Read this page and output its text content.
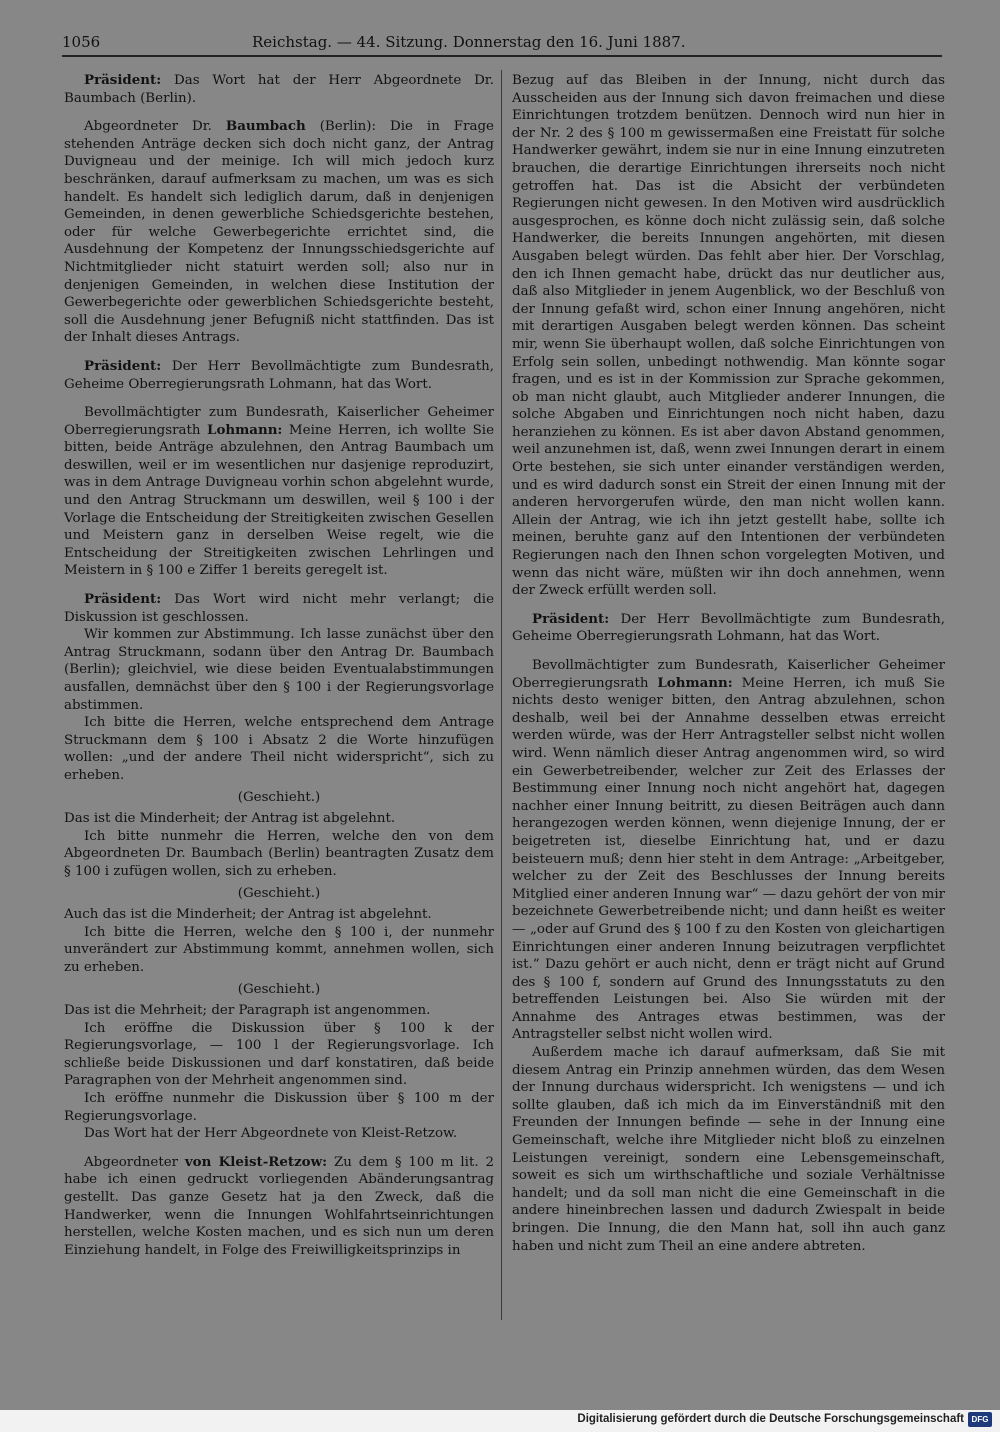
1056	Reichstag. — 44. Sitzung. Donnerstag den 16. Juni 1887.

Präsident: Das Wort hat der Herr Abgeordnete Dr. Baumbach (Berlin).

Abgeordneter Dr. Baumbach (Berlin): Die in Frage stehenden Anträge decken sich doch nicht ganz, der Antrag Duvigneau und der meinige. Ich will mich jedoch kurz beschränken, darauf aufmerksam zu machen, um was es sich handelt. Es handelt sich lediglich darum, daß in denjenigen Gemeinden, in denen gewerbliche Schiedsgerichte bestehen, oder für welche Gewerbegerichte errichtet sind, die Ausdehnung der Kompetenz der Innungsschiedsgerichte auf Nichtmitglieder nicht statuirt werden soll; also nur in denjenigen Gemeinden, in welchen diese Institution der Gewerbegerichte oder gewerblichen Schiedsgerichte besteht, soll die Ausdehnung jener Befugniß nicht stattfinden. Das ist der Inhalt dieses Antrags.

Präsident: Der Herr Bevollmächtigte zum Bundesrath, Geheime Oberregierungsrath Lohmann, hat das Wort.

Bevollmächtigter zum Bundesrath, Kaiserlicher Geheimer Oberregierungsrath Lohmann: Meine Herren, ich wollte Sie bitten, beide Anträge abzulehnen, den Antrag Baumbach um deswillen, weil er im wesentlichen nur dasjenige reproduzirt, was in dem Antrage Duvigneau vorhin schon abgelehnt wurde, und den Antrag Struckmann um deswillen, weil § 100 i der Vorlage die Entscheidung der Streitigkeiten zwischen Gesellen und Meistern ganz in derselben Weise regelt, wie die Entscheidung der Streitigkeiten zwischen Lehrlingen und Meistern in § 100 e Ziffer 1 bereits geregelt ist.

Präsident: Das Wort wird nicht mehr verlangt; die Diskussion ist geschlossen.

Wir kommen zur Abstimmung. Ich lasse zunächst über den Antrag Struckmann, sodann über den Antrag Dr. Baumbach (Berlin); gleichviel, wie diese beiden Eventualabstimmungen ausfallen, demnächst über den § 100 i der Regierungsvorlage abstimmen.

Ich bitte die Herren, welche entsprechend dem Antrage Struckmann dem § 100 i Absatz 2 die Worte hinzufügen wollen: „und der andere Theil nicht widerspricht“, sich zu erheben.

(Geschieht.)

Das ist die Minderheit; der Antrag ist abgelehnt.

Ich bitte nunmehr die Herren, welche den von dem Abgeordneten Dr. Baumbach (Berlin) beantragten Zusatz dem § 100 i zufügen wollen, sich zu erheben.

(Geschieht.)

Auch das ist die Minderheit; der Antrag ist abgelehnt.

Ich bitte die Herren, welche den § 100 i, der nunmehr unverändert zur Abstimmung kommt, annehmen wollen, sich zu erheben.

(Geschieht.)

Das ist die Mehrheit; der Paragraph ist angenommen.

Ich eröffne die Diskussion über § 100 k der Regierungsvorlage, — 100 l der Regierungsvorlage. Ich schließe beide Diskussionen und darf konstatiren, daß beide Paragraphen von der Mehrheit angenommen sind.

Ich eröffne nunmehr die Diskussion über § 100 m der Regierungsvorlage.

Das Wort hat der Herr Abgeordnete von Kleist-Retzow.

Abgeordneter von Kleist-Retzow: Zu dem § 100 m lit. 2 habe ich einen gedruckt vorliegenden Abänderungsantrag gestellt. Das ganze Gesetz hat ja den Zweck, daß die Handwerker, wenn die Innungen Wohlfahrtseinrichtungen herstellen, welche Kosten machen, und es sich nun um deren Einziehung handelt, in Folge des Freiwilligkeitsprinzips in

Bezug auf das Bleiben in der Innung, nicht durch das Ausscheiden aus der Innung sich davon freimachen und diese Einrichtungen trotzdem benützen. Dennoch wird nun hier in der Nr. 2 des § 100 m gewissermaßen eine Freistatt für solche Handwerker gewährt, indem sie nur in eine Innung einzutreten brauchen, die derartige Einrichtungen ihrerseits noch nicht getroffen hat. Das ist die Absicht der verbündeten Regierungen nicht gewesen. In den Motiven wird ausdrücklich ausgesprochen, es könne doch nicht zulässig sein, daß solche Handwerker, die bereits Innungen angehörten, mit diesen Ausgaben belegt würden. Das fehlt aber hier. Der Vorschlag, den ich Ihnen gemacht habe, drückt das nur deutlicher aus, daß also Mitglieder in jenem Augenblick, wo der Beschluß von der Innung gefaßt wird, schon einer Innung angehören, nicht mit derartigen Ausgaben belegt werden können. Das scheint mir, wenn Sie überhaupt wollen, daß solche Einrichtungen von Erfolg sein sollen, unbedingt nothwendig. Man könnte sogar fragen, und es ist in der Kommission zur Sprache gekommen, ob man nicht glaubt, auch Mitglieder anderer Innungen, die solche Abgaben und Einrichtungen noch nicht haben, dazu heranziehen zu können. Es ist aber davon Abstand genommen, weil anzunehmen ist, daß, wenn zwei Innungen derart in einem Orte bestehen, sie sich unter einander verständigen werden, und es wird dadurch sonst ein Streit der einen Innung mit der anderen hervorgerufen würde, den man nicht wollen kann. Allein der Antrag, wie ich ihn jetzt gestellt habe, sollte ich meinen, beruhte ganz auf den Intentionen der verbündeten Regierungen nach den Ihnen schon vorgelegten Motiven, und wenn das nicht wäre, müßten wir ihn doch annehmen, wenn der Zweck erfüllt werden soll.

Präsident: Der Herr Bevollmächtigte zum Bundesrath, Geheime Oberregierungsrath Lohmann, hat das Wort.

Bevollmächtigter zum Bundesrath, Kaiserlicher Geheimer Oberregierungsrath Lohmann: Meine Herren, ich muß Sie nichts desto weniger bitten, den Antrag abzulehnen, schon deshalb, weil bei der Annahme desselben etwas erreicht werden würde, was der Herr Antragsteller selbst nicht wollen wird. Wenn nämlich dieser Antrag angenommen wird, so wird ein Gewerbetreibender, welcher zur Zeit des Erlasses der Bestimmung einer Innung noch nicht angehört hat, dagegen nachher einer Innung beitritt, zu diesen Beiträgen auch dann herangezogen werden können, wenn diejenige Innung, der er beigetreten ist, dieselbe Einrichtung hat, und er dazu beisteuern muß; denn hier steht in dem Antrage: „Arbeitgeber, welcher zu der Zeit des Beschlusses der Innung bereits Mitglied einer anderen Innung war“ — dazu gehört der von mir bezeichnete Gewerbetreibende nicht; und dann heißt es weiter — „oder auf Grund des § 100 f zu den Kosten von gleichartigen Einrichtungen einer anderen Innung beizutragen verpflichtet ist.“ Dazu gehört er auch nicht, denn er trägt nicht auf Grund des § 100 f, sondern auf Grund des Innungsstatuts zu den betreffenden Leistungen bei. Also Sie würden mit der Annahme des Antrages etwas bestimmen, was der Antragsteller selbst nicht wollen wird.

Außerdem mache ich darauf aufmerksam, daß Sie mit diesem Antrag ein Prinzip annehmen würden, das dem Wesen der Innung durchaus widerspricht. Ich wenigstens — und ich sollte glauben, daß ich mich da im Einverständniß mit den Freunden der Innungen befinde — sehe in der Innung eine Gemeinschaft, welche ihre Mitglieder nicht bloß zu einzelnen Leistungen vereinigt, sondern eine Lebensgemeinschaft, soweit es sich um wirthschaftliche und soziale Verhältnisse handelt; und da soll man nicht die eine Gemeinschaft in die andere hineinbrechen lassen und dadurch Zwiespalt in beide bringen. Die Innung, die den Mann hat, soll ihn auch ganz haben und nicht zum Theil an eine andere abtreten.

Digitalisierung gefördert durch die Deutsche Forschungsgemeinschaft DFG
